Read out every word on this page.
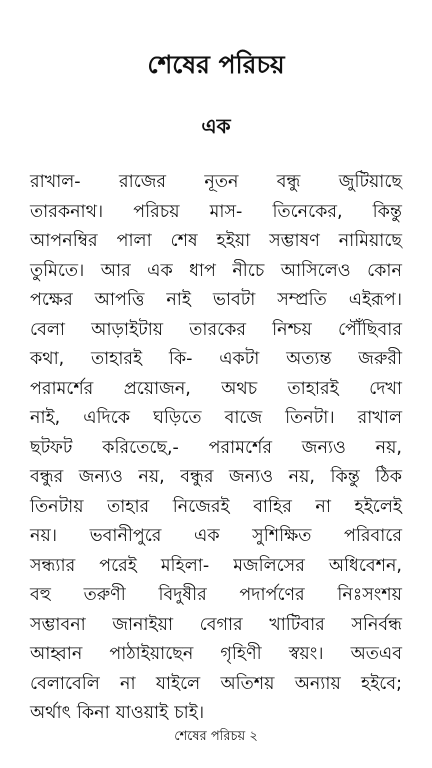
শেষের পরিচয়
এক
রাখাল- রাজের নূতন বন্ধু জুটিয়াছে
তারকনাথ। পরিচয় মাস- তিনেকের, কিন্তু
আপনম্বির পালা শেষ হইয়া সম্ভাষণ নামিয়াছে
তুমিতে। আর এক ধাপ নীচে আসিলেও কোন
পক্ষের আপত্তি নাই ভাবটা সম্প্রতি এইরূপ।
বেলা আড়াইটায় তারকের নিশ্চয় পৌঁছিবার
কথা, তাহারই কি- একটা অত্যন্ত জরুরী
পরামর্শের প্রয়োজন, অথচ তাহারই দেখা
নাই, এদিকে ঘড়িতে বাজে তিনটা। রাখাল
ছটফট করিতেছে,- পরামর্শের জন্যও নয়,
বন্ধুর জন্যও নয়, বন্ধুর জন্যও নয়, কিন্তু ঠিক
তিনটায় তাহার নিজেরই বাহির না হইলেই
নয়। ভবানীপুরে এক সুশিক্ষিত পরিবারে
সন্ধ্যার পরেই মহিলা- মজলিসের অধিবেশন,
বহু তরুণী বিদুষীর পদার্পণের নিঃসংশয়
সম্ভাবনা জানাইয়া বেগার খাটিবার সনির্বন্ধ
আহ্বান পাঠাইয়াছেন গৃহিণী স্বয়ং। অতএব
বেলাবেলি না যাইলে অতিশয় অন্যায় হইবে;
অর্থাৎ কিনা যাওয়াই চাই।
শেষের পরিচয় ২
